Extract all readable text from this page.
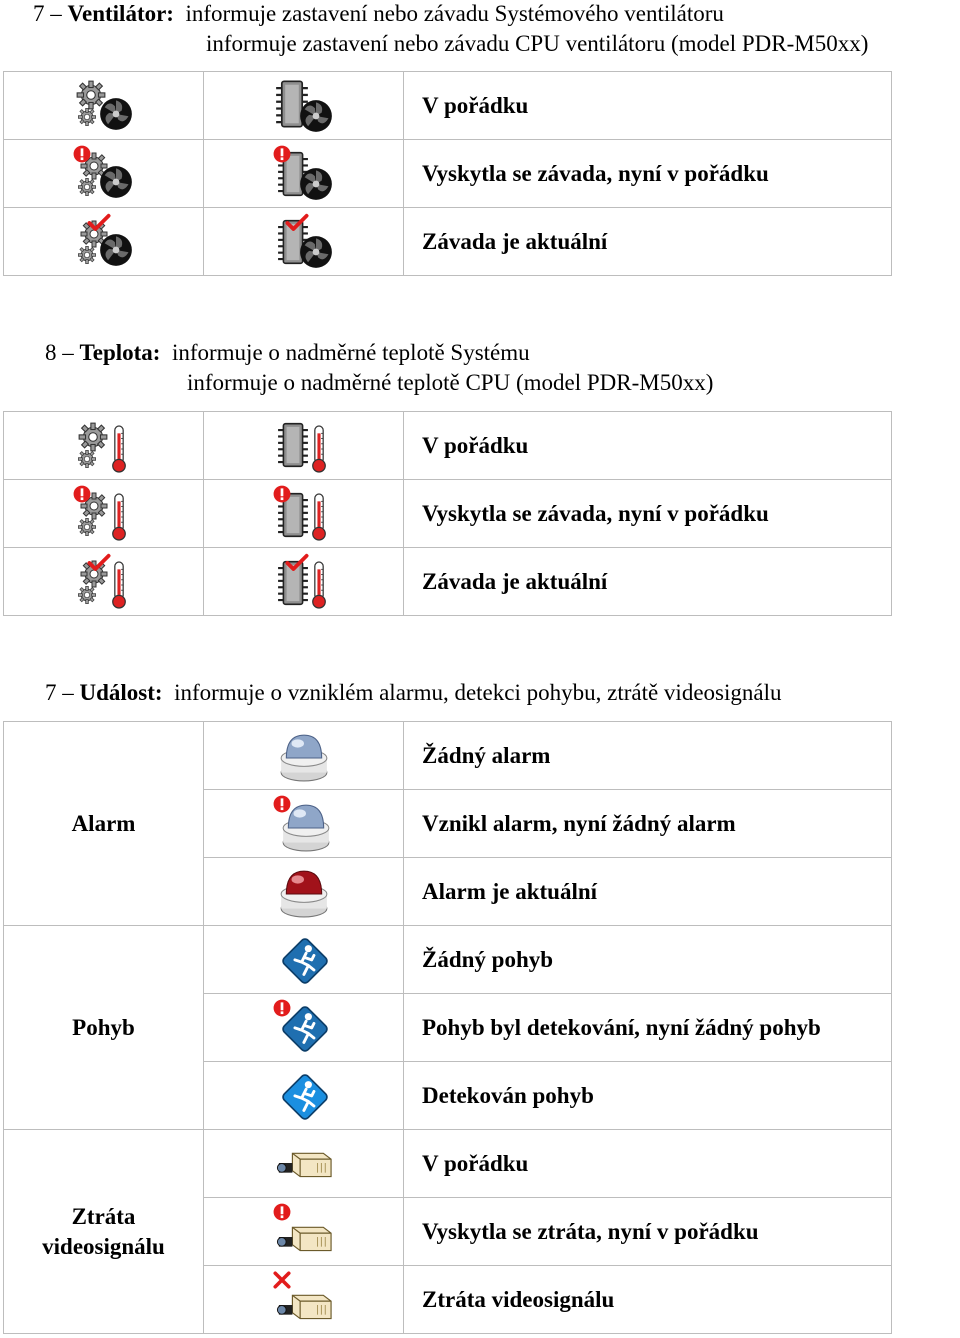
7 – Ventilátor: informuje zastavení nebo závadu Systémového ventilátoru
informuje zastavení nebo závadu CPU ventilátoru (model PDR-M50xx)

	V pořádku

	Vyskytla se závada, nyní v pořádku

	Závada je aktuální
8 – Teplota: informuje o nadměrné teplotě Systému
informuje o nadměrné teplotě CPU (model PDR-M50xx)

	V pořádku

	Vyskytla se závada, nyní v pořádku

	Závada je aktuální
7 – Událost: informuje o vzniklém alarmu, detekci pohybu, ztrátě videosignálu
Alarm		Žádný alarm

	Vznikl alarm, nyní žádný alarm

	Alarm je aktuální
Pohyb		Žádný pohyb

	Pohyb byl detekování, nyní žádný pohyb

	Detekován pohyb

Ztráta
videosignálu		V pořádku

	Vyskytla se ztráta, nyní v pořádku

	Ztráta videosignálu
